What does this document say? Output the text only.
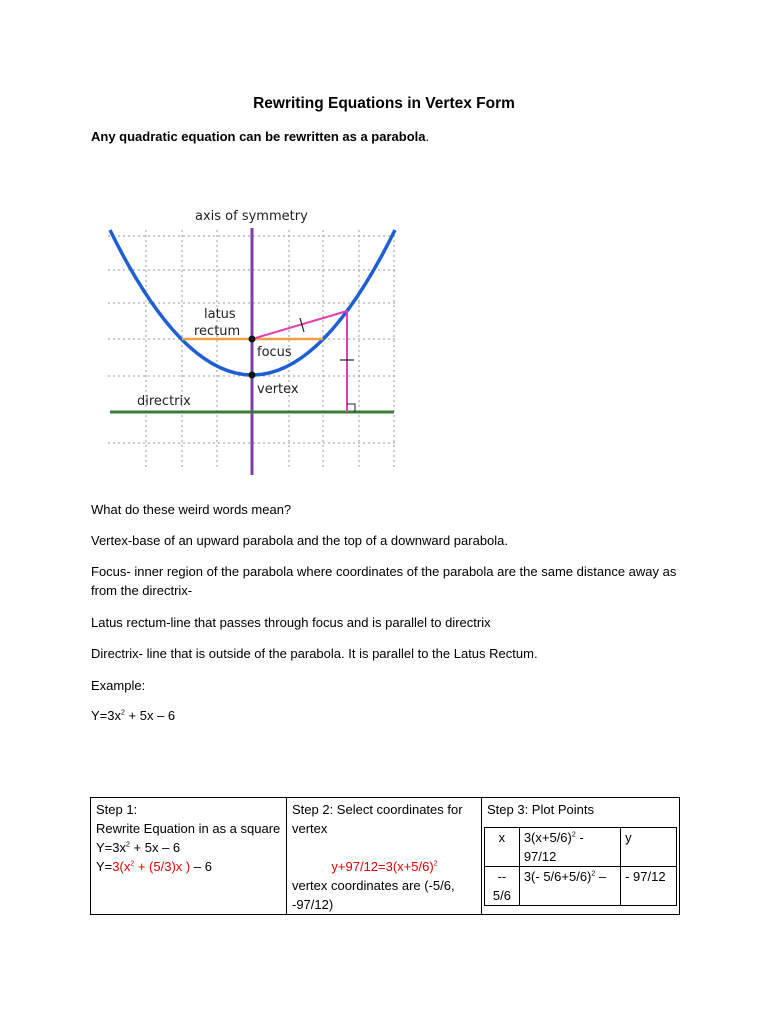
Rewriting Equations in Vertex Form
Any quadratic equation can be rewritten as a parabola.
axis of symmetry
latus
rectum
focus
vertex
directrix
What do these weird words mean?
Vertex-base of an upward parabola and the top of a downward parabola.
Focus- inner region of the parabola where coordinates of the parabola are the same distance away as from the directrix-
Latus rectum-line that passes through focus and is parallel to directrix
Directrix- line that is outside of the parabola. It is parallel to the Latus Rectum.
Example:
$Y=3x^2 + 5x - 6$
Step 1:
Rewrite Equation in as a square
$Y=3x^2 + 5x - 6$
$Y=3(x^2 + (5/3)x$ ) – 6

Step 2: Select coordinates for vertex
$y+97/12=3(x+5/6)^2$
vertex coordinates are (-5/6, -97/12)

Step 3: Plot Points
x	$3(x+5/6)^2 - 97/12$	y
-- 5/6	3(- 5/6+5/6)$^2$ –	- 97/12
